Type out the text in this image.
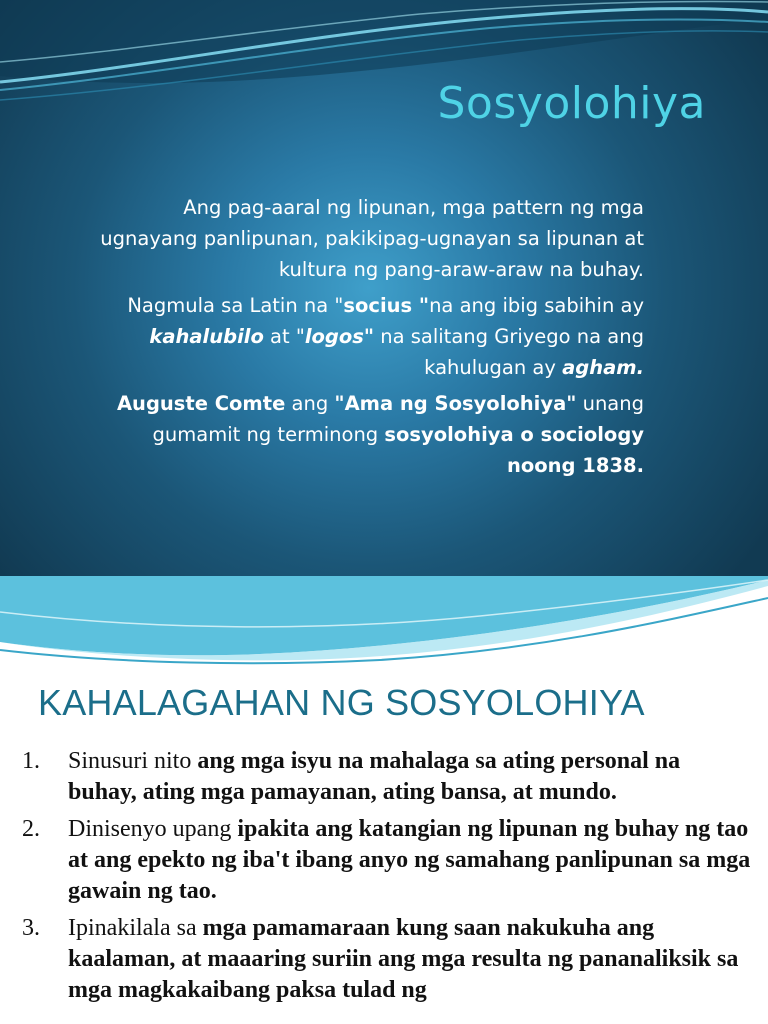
Sosyolohiya

Ang pag-aaral ng lipunan, mga pattern ng mga ugnayang panlipunan, pakikipag-ugnayan sa lipunan at kultura ng pang-araw-araw na buhay.

Nagmula sa Latin na "socius "na ang ibig sabihin ay kahalubilo at "logos" na salitang Griyego na ang kahulugan ay agham.

Auguste Comte ang "Ama ng Sosyolohiya" unang gumamit ng terminong sosyolohiya o sociology noong 1838.

KAHALAGAHAN NG SOSYOLOHIYA
1.	Sinusuri nito ang mga isyu na mahalaga sa ating personal na buhay, ating mga pamayanan, ating bansa, at mundo.
2.	Dinisenyo upang ipakita ang katangian ng lipunan ng buhay ng tao at ang epekto ng iba't ibang anyo ng samahang panlipunan sa mga gawain ng tao.
3.	Ipinakilala sa mga pamamaraan kung saan nakukuha ang kaalaman, at maaaring suriin ang mga resulta ng pananaliksik sa mga magkakaibang paksa tulad ng
